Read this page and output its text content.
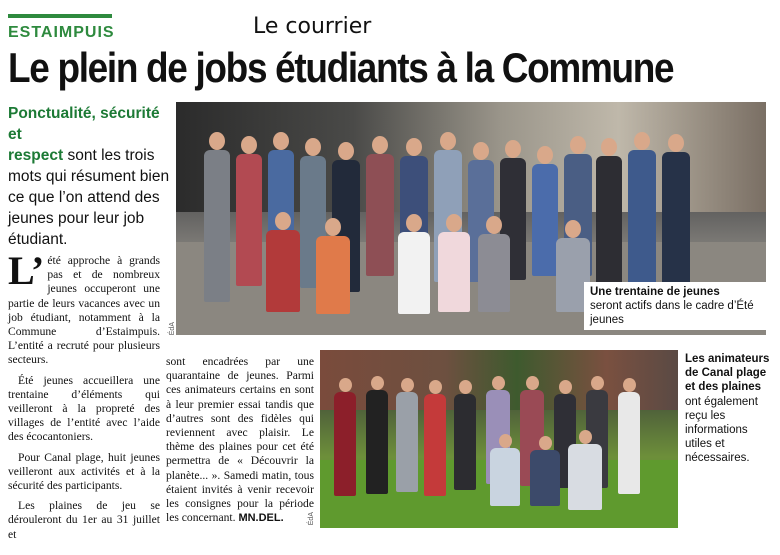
ESTAIMPUIS	Le courrier
Le plein de jobs étudiants à la Commune
Ponctualité, sécurité et
respect sont les trois mots qui résument bien ce que l’on attend des jeunes pour leur job étudiant.

L’ été approche à grands pas et de nombreux jeunes occuperont une partie de leurs vacances avec un job étudiant, notamment à la Commune d’Estaimpuis. L’entité a recruté pour plusieurs secteurs.

Été jeunes accueillera une trentaine d’éléments qui veilleront à la propreté des villages de l’entité avec l’aide des écocantoniers.

Pour Canal plage, huit jeunes veilleront aux activités et à la sécurité des participants.

Les plaines de jeu se dérouleront du 1er au 31 juillet et

sont encadrées par une quarantaine de jeunes. Parmi ces animateurs certains en sont à leur premier essai tandis que d’autres sont des fidèles qui reviennent avec plaisir. Le thème des plaines pour cet été permettra de « Découvrir la planète... ». Samedi matin, tous étaient invités à venir recevoir les consignes pour la période les concernant. MN.DEL.

Une trentaine de jeunes
seront actifs dans le cadre d’Été jeunes
Les animateurs de Canal plage et des plaines
ont également reçu les informations utiles et nécessaires.
ÉdA
ÉdA
